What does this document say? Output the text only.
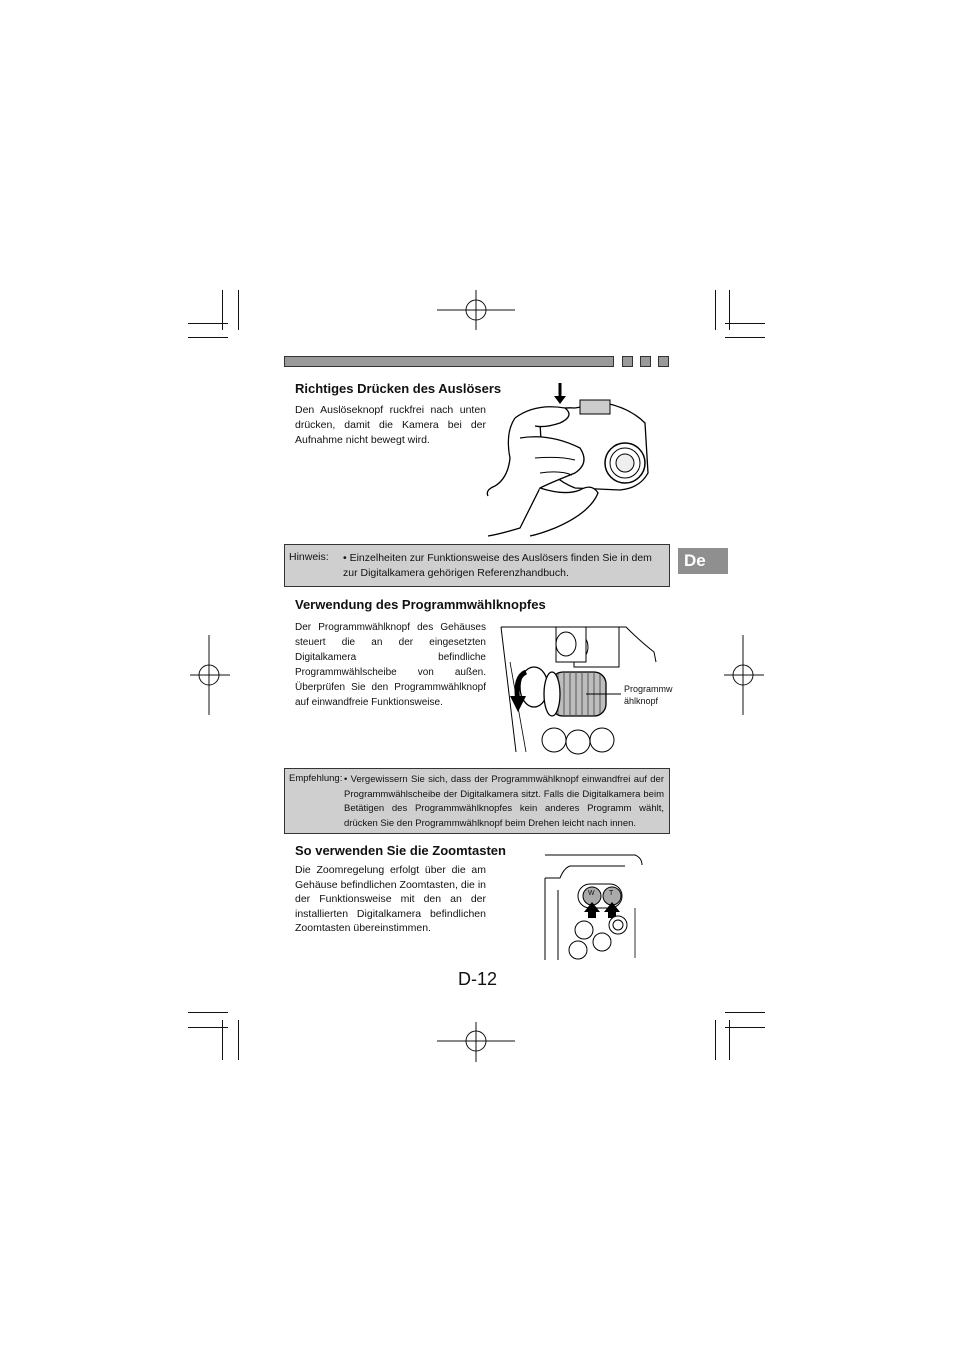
Richtiges Drücken des Auslösers
Den Auslöseknopf ruckfrei nach unten drücken, damit die Kamera bei der Aufnahme nicht bewegt wird.
Hinweis: • Einzelheiten zur Funktionsweise des Auslösers finden Sie in dem zur Digitalkamera gehörigen Referenzhandbuch.
De
Verwendung des Programmwählknopfes
Der Programmwählknopf des Gehäuses steuert die an der eingesetzten Digitalkamera befindliche Programmwählscheibe von außen. Überprüfen Sie den Programmwählknopf auf einwandfreie Funktionsweise.
Programmw
ählknopf
Empfehlung: • Vergewissern Sie sich, dass der Programmwählknopf einwandfrei auf der Programmwählscheibe der Digitalkamera sitzt. Falls die Digitalkamera beim Betätigen des Programmwählknopfes kein anderes Programm wählt, drücken Sie den Programmwählknopf beim Drehen leicht nach innen.
So verwenden Sie die Zoomtasten
Die Zoomregelung erfolgt über die am Gehäuse befindlichen Zoomtasten, die in der Funktionsweise mit den an der installierten Digitalkamera befindlichen Zoomtasten übereinstimmen.
W T
D-12
